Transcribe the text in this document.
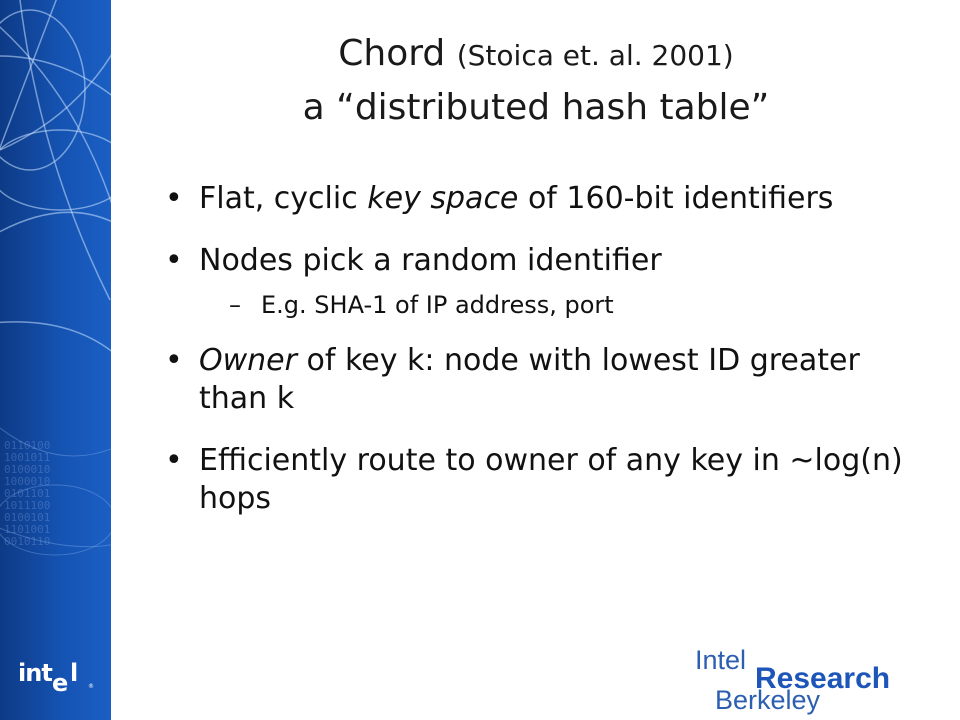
0110100
1001011
0100010
1000010
0101101
1011100
0100101
1101001
0010110
int e l ®
Chord (Stoica et. al. 2001)
a “distributed hash table”
• Flat, cyclic key space of 160-bit identifiers
• Nodes pick a random identifier
– E.g. SHA-1 of IP address, port
• Owner of key k: node with lowest ID greater than k
• Efficiently route to owner of any key in ~log(n) hops
Intel
Research
Berkeley
